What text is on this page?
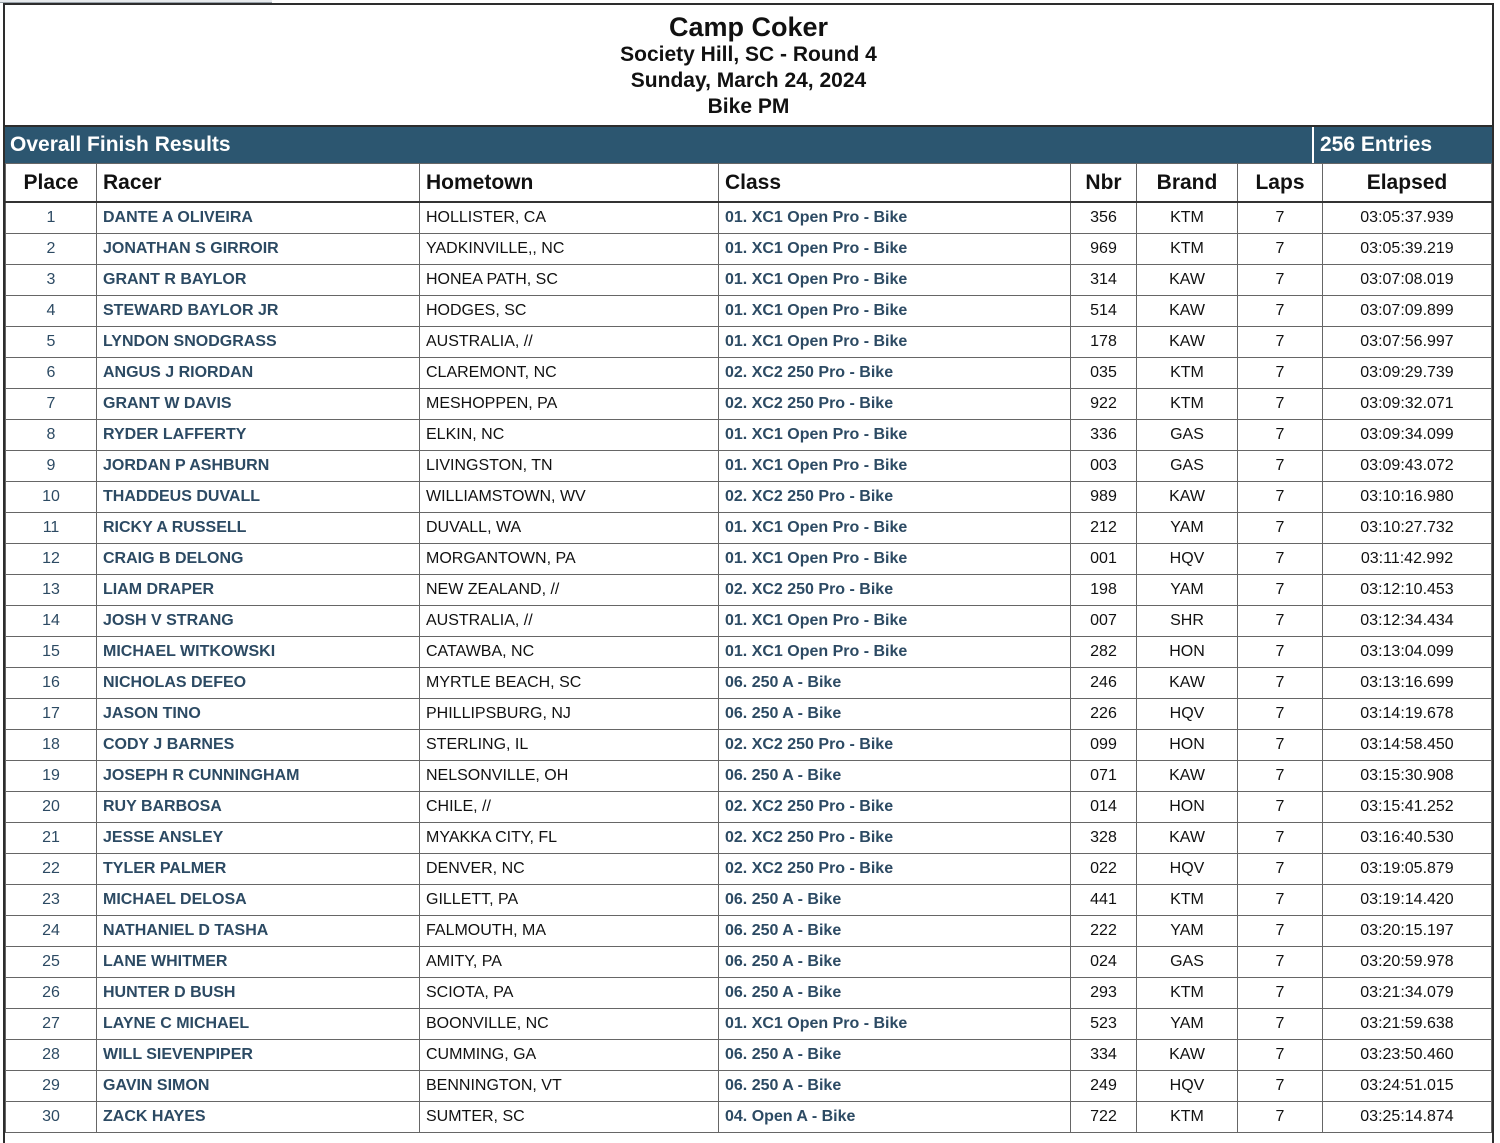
Camp Coker
Society Hill, SC - Round 4
Sunday, March 24, 2024
Bike PM
Overall Finish Results	256 Entries
Place	Racer	Hometown	Class	Nbr	Brand	Laps	Elapsed
1	DANTE A OLIVEIRA	HOLLISTER, CA	01. XC1 Open Pro - Bike	356	KTM	7	03:05:37.939
2	JONATHAN S GIRROIR	YADKINVILLE,, NC	01. XC1 Open Pro - Bike	969	KTM	7	03:05:39.219
3	GRANT R BAYLOR	HONEA PATH, SC	01. XC1 Open Pro - Bike	314	KAW	7	03:07:08.019
4	STEWARD BAYLOR JR	HODGES, SC	01. XC1 Open Pro - Bike	514	KAW	7	03:07:09.899
5	LYNDON SNODGRASS	AUSTRALIA, //	01. XC1 Open Pro - Bike	178	KAW	7	03:07:56.997
6	ANGUS J RIORDAN	CLAREMONT, NC	02. XC2 250 Pro - Bike	035	KTM	7	03:09:29.739
7	GRANT W DAVIS	MESHOPPEN, PA	02. XC2 250 Pro - Bike	922	KTM	7	03:09:32.071
8	RYDER LAFFERTY	ELKIN, NC	01. XC1 Open Pro - Bike	336	GAS	7	03:09:34.099
9	JORDAN P ASHBURN	LIVINGSTON, TN	01. XC1 Open Pro - Bike	003	GAS	7	03:09:43.072
10	THADDEUS DUVALL	WILLIAMSTOWN, WV	02. XC2 250 Pro - Bike	989	KAW	7	03:10:16.980
11	RICKY A RUSSELL	DUVALL, WA	01. XC1 Open Pro - Bike	212	YAM	7	03:10:27.732
12	CRAIG B DELONG	MORGANTOWN, PA	01. XC1 Open Pro - Bike	001	HQV	7	03:11:42.992
13	LIAM DRAPER	NEW ZEALAND, //	02. XC2 250 Pro - Bike	198	YAM	7	03:12:10.453
14	JOSH V STRANG	AUSTRALIA, //	01. XC1 Open Pro - Bike	007	SHR	7	03:12:34.434
15	MICHAEL WITKOWSKI	CATAWBA, NC	01. XC1 Open Pro - Bike	282	HON	7	03:13:04.099
16	NICHOLAS DEFEO	MYRTLE BEACH, SC	06. 250 A - Bike	246	KAW	7	03:13:16.699
17	JASON TINO	PHILLIPSBURG, NJ	06. 250 A - Bike	226	HQV	7	03:14:19.678
18	CODY J BARNES	STERLING, IL	02. XC2 250 Pro - Bike	099	HON	7	03:14:58.450
19	JOSEPH R CUNNINGHAM	NELSONVILLE, OH	06. 250 A - Bike	071	KAW	7	03:15:30.908
20	RUY BARBOSA	CHILE, //	02. XC2 250 Pro - Bike	014	HON	7	03:15:41.252
21	JESSE ANSLEY	MYAKKA CITY, FL	02. XC2 250 Pro - Bike	328	KAW	7	03:16:40.530
22	TYLER PALMER	DENVER, NC	02. XC2 250 Pro - Bike	022	HQV	7	03:19:05.879
23	MICHAEL DELOSA	GILLETT, PA	06. 250 A - Bike	441	KTM	7	03:19:14.420
24	NATHANIEL D TASHA	FALMOUTH, MA	06. 250 A - Bike	222	YAM	7	03:20:15.197
25	LANE WHITMER	AMITY, PA	06. 250 A - Bike	024	GAS	7	03:20:59.978
26	HUNTER D BUSH	SCIOTA, PA	06. 250 A - Bike	293	KTM	7	03:21:34.079
27	LAYNE C MICHAEL	BOONVILLE, NC	01. XC1 Open Pro - Bike	523	YAM	7	03:21:59.638
28	WILL SIEVENPIPER	CUMMING, GA	06. 250 A - Bike	334	KAW	7	03:23:50.460
29	GAVIN SIMON	BENNINGTON, VT	06. 250 A - Bike	249	HQV	7	03:24:51.015
30	ZACK HAYES	SUMTER, SC	04. Open A - Bike	722	KTM	7	03:25:14.874
